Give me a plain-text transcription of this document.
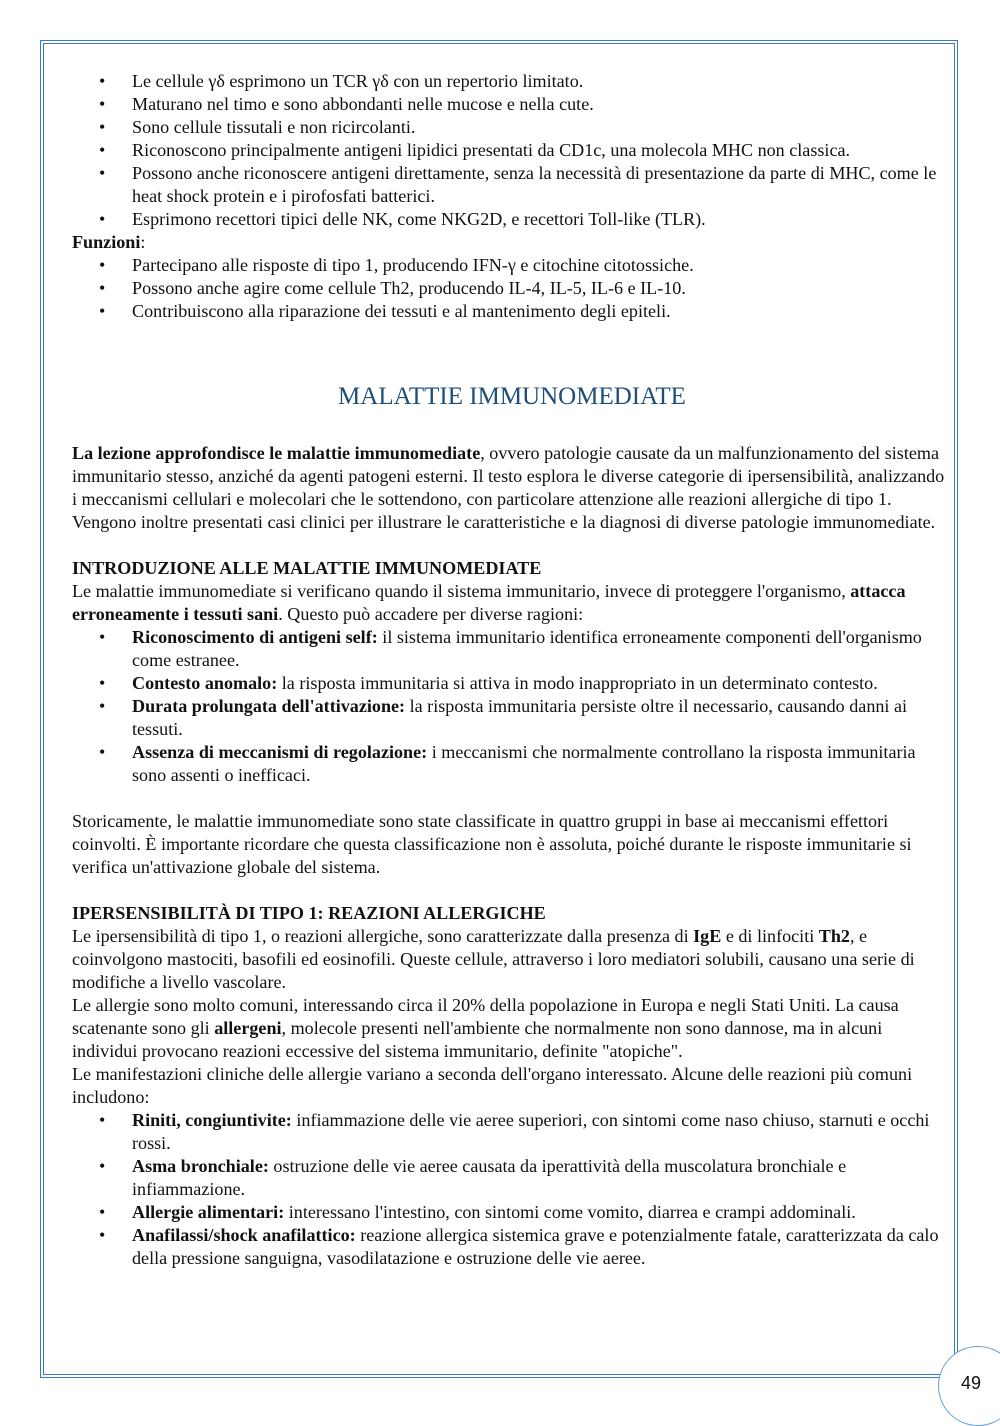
• Le cellule γδ esprimono un TCR γδ con un repertorio limitato.
• Maturano nel timo e sono abbondanti nelle mucose e nella cute.
• Sono cellule tissutali e non ricircolanti.
• Riconoscono principalmente antigeni lipidici presentati da CD1c, una molecola MHC non classica.
• Possono anche riconoscere antigeni direttamente, senza la necessità di presentazione da parte di MHC, come le heat shock protein e i pirofosfati batterici.
• Esprimono recettori tipici delle NK, come NKG2D, e recettori Toll-like (TLR).

Funzioni:

• Partecipano alle risposte di tipo 1, producendo IFN-γ e citochine citotossiche.
• Possono anche agire come cellule Th2, producendo IL-4, IL-5, IL-6 e IL-10.
• Contribuiscono alla riparazione dei tessuti e al mantenimento degli epiteli.
MALATTIE IMMUNOMEDIATE

La lezione approfondisce le malattie immunomediate, ovvero patologie causate da un malfunzionamento del sistema immunitario stesso, anziché da agenti patogeni esterni. Il testo esplora le diverse categorie di ipersensibilità, analizzando i meccanismi cellulari e molecolari che le sottendono, con particolare attenzione alle reazioni allergiche di tipo 1. Vengono inoltre presentati casi clinici per illustrare le caratteristiche e la diagnosi di diverse patologie immunomediate.

INTRODUZIONE ALLE MALATTIE IMMUNOMEDIATE

Le malattie immunomediate si verificano quando il sistema immunitario, invece di proteggere l'organismo, attacca erroneamente i tessuti sani. Questo può accadere per diverse ragioni:

• Riconoscimento di antigeni self: il sistema immunitario identifica erroneamente componenti dell'organismo come estranee.
• Contesto anomalo: la risposta immunitaria si attiva in modo inappropriato in un determinato contesto.
• Durata prolungata dell'attivazione: la risposta immunitaria persiste oltre il necessario, causando danni ai tessuti.
• Assenza di meccanismi di regolazione: i meccanismi che normalmente controllano la risposta immunitaria sono assenti o inefficaci.

Storicamente, le malattie immunomediate sono state classificate in quattro gruppi in base ai meccanismi effettori coinvolti. È importante ricordare che questa classificazione non è assoluta, poiché durante le risposte immunitarie si verifica un'attivazione globale del sistema.

IPERSENSIBILITÀ DI TIPO 1: REAZIONI ALLERGICHE

Le ipersensibilità di tipo 1, o reazioni allergiche, sono caratterizzate dalla presenza di IgE e di linfociti Th2, e coinvolgono mastociti, basofili ed eosinofili. Queste cellule, attraverso i loro mediatori solubili, causano una serie di modifiche a livello vascolare.

Le allergie sono molto comuni, interessando circa il 20% della popolazione in Europa e negli Stati Uniti. La causa scatenante sono gli allergeni, molecole presenti nell'ambiente che normalmente non sono dannose, ma in alcuni individui provocano reazioni eccessive del sistema immunitario, definite "atopiche".

Le manifestazioni cliniche delle allergie variano a seconda dell'organo interessato. Alcune delle reazioni più comuni includono:

• Riniti, congiuntivite: infiammazione delle vie aeree superiori, con sintomi come naso chiuso, starnuti e occhi rossi.
• Asma bronchiale: ostruzione delle vie aeree causata da iperattività della muscolatura bronchiale e infiammazione.
• Allergie alimentari: interessano l'intestino, con sintomi come vomito, diarrea e crampi addominali.
• Anafilassi/shock anafilattico: reazione allergica sistemica grave e potenzialmente fatale, caratterizzata da calo della pressione sanguigna, vasodilatazione e ostruzione delle vie aeree.
49
